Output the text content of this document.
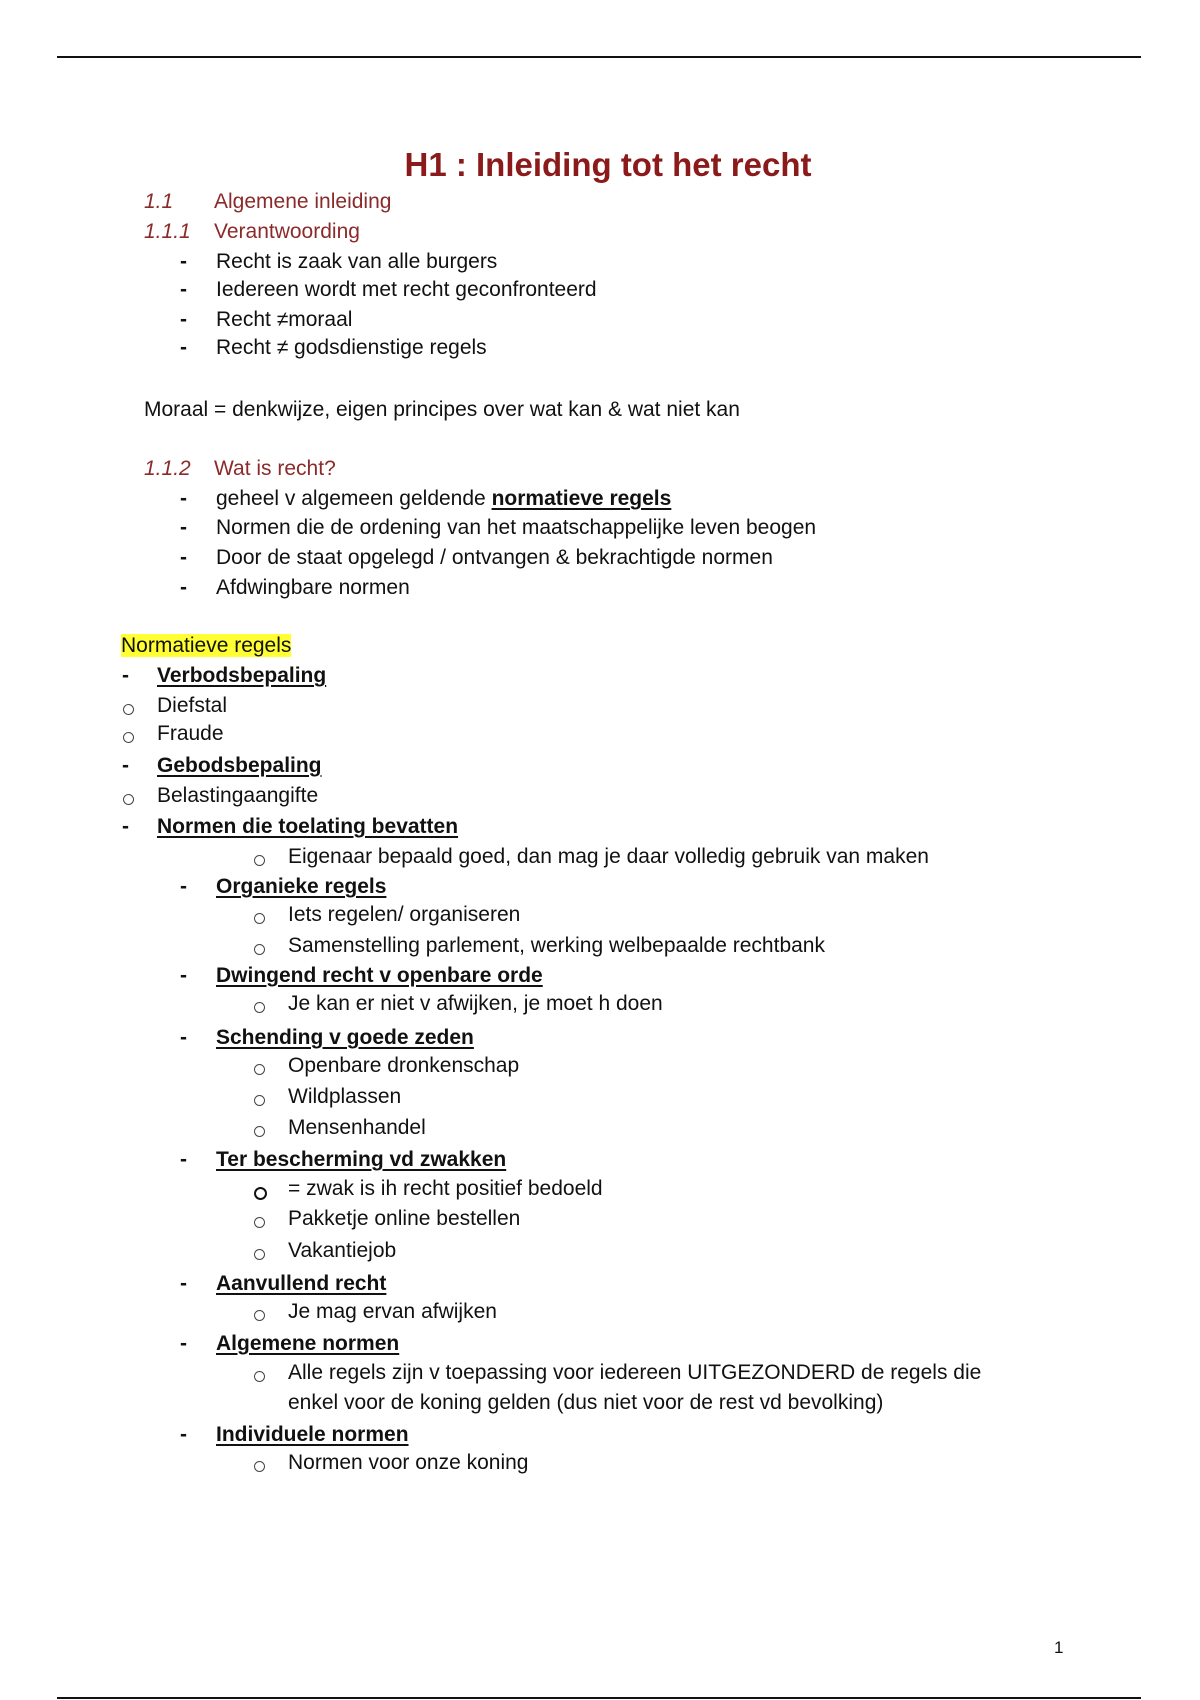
H1 : Inleiding tot het recht
1.1 Algemene inleiding
1.1.1 Verantwoording
- Recht is zaak van alle burgers
- Iedereen wordt met recht geconfronteerd
- Recht ≠moraal
- Recht ≠ godsdienstige regels
Moraal = denkwijze, eigen principes over wat kan & wat niet kan
1.1.2 Wat is recht?
- geheel v algemeen geldende normatieve regels
- Normen die de ordening van het maatschappelijke leven beogen
- Door de staat opgelegd / ontvangen & bekrachtigde normen
- Afdwingbare normen
Normatieve regels
- Verbodsbepaling
Diefstal
Fraude
- Gebodsbepaling
Belastingaangifte
- Normen die toelating bevatten
Eigenaar bepaald goed, dan mag je daar volledig gebruik van maken
- Organieke regels
Iets regelen/ organiseren
Samenstelling parlement, werking welbepaalde rechtbank
- Dwingend recht v openbare orde
Je kan er niet v afwijken, je moet h doen
- Schending v goede zeden
Openbare dronkenschap
Wildplassen
Mensenhandel
- Ter bescherming vd zwakken
= zwak is ih recht positief bedoeld
Pakketje online bestellen
Vakantiejob
- Aanvullend recht
Je mag ervan afwijken
- Algemene normen
Alle regels zijn v toepassing voor iedereen UITGEZONDERD de regels die
enkel voor de koning gelden (dus niet voor de rest vd bevolking)
- Individuele normen
Normen voor onze koning
1
